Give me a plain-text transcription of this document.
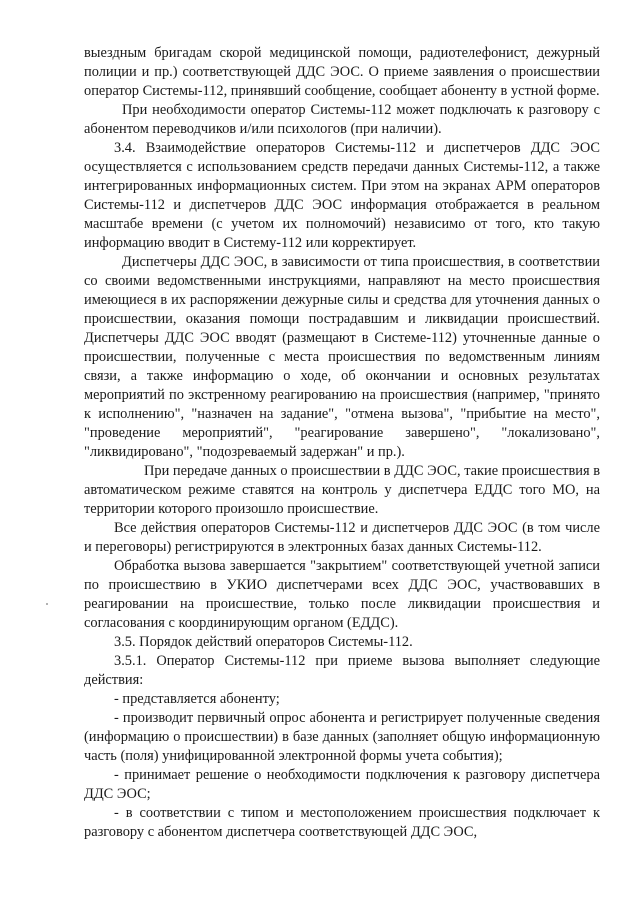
выездным бригадам скорой медицинской помощи, радиотелефонист, дежурный полиции и пр.) соответствующей ДДС ЭОС. О приеме заявления о происшествии оператор Системы-112, принявший сообщение, сообщает абоненту в устной форме.

При необходимости оператор Системы-112 может подключать к разговору с абонентом переводчиков и/или психологов (при наличии).

3.4. Взаимодействие операторов Системы-112 и диспетчеров ДДС ЭОС осуществляется с использованием средств передачи данных Системы-112, а также интегрированных информационных систем. При этом на экранах АРМ операторов Системы-112 и диспетчеров ДДС ЭОС информация отображается в реальном масштабе времени (с учетом их полномочий) независимо от того, кто такую информацию вводит в Систему-112 или корректирует.

Диспетчеры ДДС ЭОС, в зависимости от типа происшествия, в соответствии со своими ведомственными инструкциями, направляют на место происшествия имеющиеся в их распоряжении дежурные силы и средства для уточнения данных о происшествии, оказания помощи пострадавшим и ликвидации происшествий. Диспетчеры ДДС ЭОС вводят (размещают в Системе-112) уточненные данные о происшествии, полученные с места происшествия по ведомственным линиям связи, а также информацию о ходе, об окончании и основных результатах мероприятий по экстренному реагированию на происшествия (например, "принято к исполнению", "назначен на задание", "отмена вызова", "прибытие на место", "проведение мероприятий", "реагирование завершено", "локализовано", "ликвидировано", "подозреваемый задержан" и пр.).

При передаче данных о происшествии в ДДС ЭОС, такие происшествия в автоматическом режиме ставятся на контроль у диспетчера ЕДДС того МО, на территории которого произошло происшествие.

Все действия операторов Системы-112 и диспетчеров ДДС ЭОС (в том числе и переговоры) регистрируются в электронных базах данных Системы-112.

Обработка вызова завершается "закрытием" соответствующей учетной записи по происшествию в УКИО диспетчерами всех ДДС ЭОС, участвовавших в реагировании на происшествие, только после ликвидации происшествия и согласования с координирующим органом (ЕДДС).

3.5. Порядок действий операторов Системы-112.

3.5.1. Оператор Системы-112 при приеме вызова выполняет следующие действия:

- представляется абоненту;

- производит первичный опрос абонента и регистрирует полученные сведения (информацию о происшествии) в базе данных (заполняет общую информационную часть (поля) унифицированной электронной формы учета события);

- принимает решение о необходимости подключения к разговору диспетчера ДДС ЭОС;

- в соответствии с типом и местоположением происшествия подключает к разговору с абонентом диспетчера соответствующей ДДС ЭОС,
